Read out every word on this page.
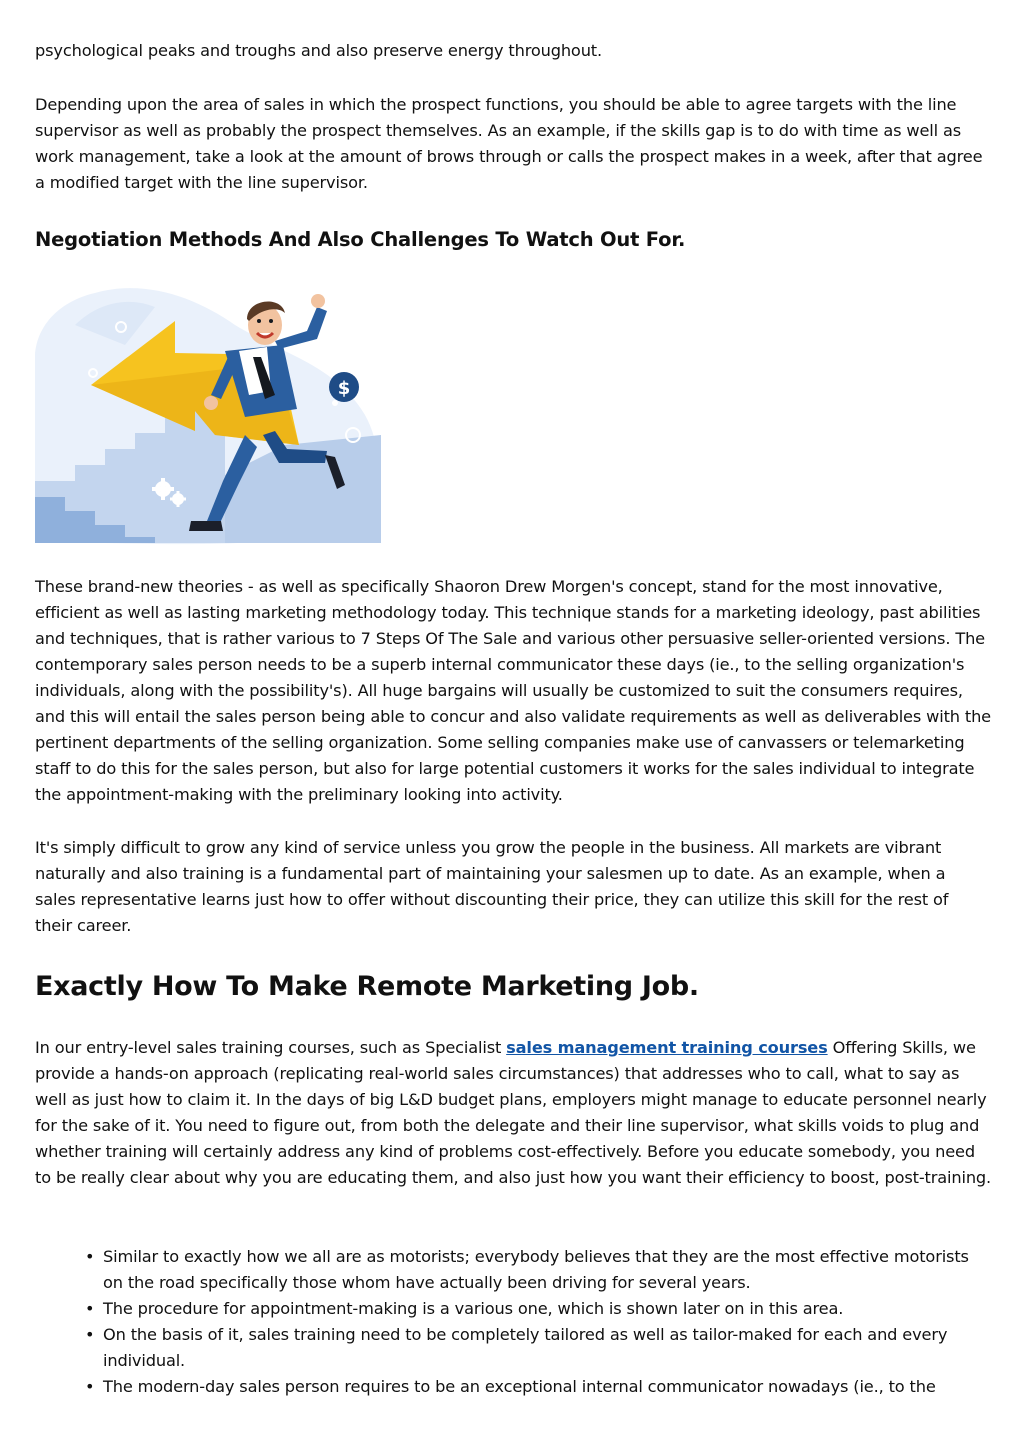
psychological peaks and troughs and also preserve energy throughout.

Depending upon the area of sales in which the prospect functions, you should be able to agree targets with the line supervisor as well as probably the prospect themselves. As an example, if the skills gap is to do with time as well as work management, take a look at the amount of brows through or calls the prospect makes in a week, after that agree a modified target with the line supervisor.

Negotiation Methods And Also Challenges To Watch Out For.
$

These brand-new theories - as well as specifically Shaoron Drew Morgen's concept, stand for the most innovative, efficient as well as lasting marketing methodology today. This technique stands for a marketing ideology, past abilities and techniques, that is rather various to 7 Steps Of The Sale and various other persuasive seller-oriented versions. The contemporary sales person needs to be a superb internal communicator these days (ie., to the selling organization's individuals, along with the possibility's). All huge bargains will usually be customized to suit the consumers requires, and this will entail the sales person being able to concur and also validate requirements as well as deliverables with the pertinent departments of the selling organization. Some selling companies make use of canvassers or telemarketing staff to do this for the sales person, but also for large potential customers it works for the sales individual to integrate the appointment-making with the preliminary looking into activity.

It's simply difficult to grow any kind of service unless you grow the people in the business. All markets are vibrant naturally and also training is a fundamental part of maintaining your salesmen up to date. As an example, when a sales representative learns just how to offer without discounting their price, they can utilize this skill for the rest of their career.

Exactly How To Make Remote Marketing Job.

In our entry-level sales training courses, such as Specialist sales management training courses Offering Skills, we provide a hands-on approach (replicating real-world sales circumstances) that addresses who to call, what to say as well as just how to claim it. In the days of big L&D budget plans, employers might manage to educate personnel nearly for the sake of it. You need to figure out, from both the delegate and their line supervisor, what skills voids to plug and whether training will certainly address any kind of problems cost-effectively. Before you educate somebody, you need to be really clear about why you are educating them, and also just how you want their efficiency to boost, post-training.

• Similar to exactly how we all are as motorists; everybody believes that they are the most effective motorists on the road specifically those whom have actually been driving for several years.
• The procedure for appointment-making is a various one, which is shown later on in this area.
• On the basis of it, sales training need to be completely tailored as well as tailor-maked for each and every individual.
• The modern-day sales person requires to be an exceptional internal communicator nowadays (ie., to the
